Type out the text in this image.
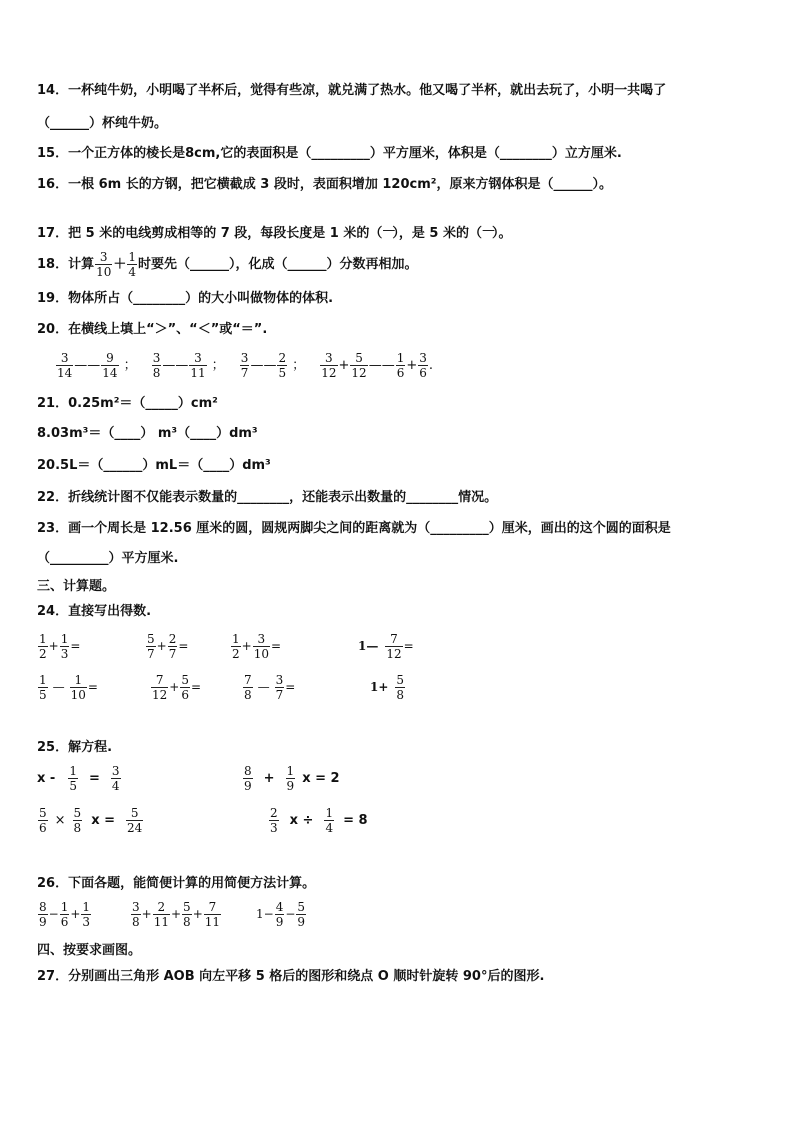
14．一杯纯牛奶，小明喝了半杯后，觉得有些凉，就兑满了热水。他又喝了半杯，就出去玩了，小明一共喝了
（______）杯纯牛奶。
15．一个正方体的棱长是8cm,它的表面积是（_________）平方厘米，体积是（________）立方厘米.
16．一根 6m 长的方钢，把它横截成 3 段时，表面积增加 120cm²，原来方钢体积是（______）。
17．把 5 米的电线剪成相等的 7 段，每段长度是 1 米的（ —
），是 5 米的（ —
）。
18．计算 $\frac{3}{10} + \frac{1}{4}$ 时要先（______），化成（______）分数再相加。
19．物体所占（________）的大小叫做物体的体积.
20．在横线上填上“＞”、“＜”或“＝”.
$\frac{3}{14}$ —— $\frac{9}{14}$ ； $\frac{3}{8}$ —— $\frac{3}{11}$ ； $\frac{3}{7}$ —— $\frac{2}{5}$ ； $\frac{3}{12} + \frac{5}{12}$ —— $\frac{1}{6} + \frac{3}{6}$ .
21．0.25m²＝（_____）cm²
8.03m³＝（____） m³（____）dm³
20.5L＝（______）mL＝（____）dm³
22．折线统计图不仅能表示数量的________，还能表示出数量的________情况。
23．画一个周长是 12.56 厘米的圆，圆规两脚尖之间的距离就为（_________）厘米，画出的这个圆的面积是
（_________）平方厘米.
三、计算题。
24．直接写出得数.
$\frac{1}{2} + \frac{1}{3}$ =	$\frac{5}{7} + \frac{2}{7}$ =	$\frac{1}{2} + \frac{3}{10}$ =	1— $\frac{7}{12}$ =
$\frac{1}{5}$ — $\frac{1}{10}$ =	$\frac{7}{12} + \frac{5}{6}$ =	$\frac{7}{8}$ — $\frac{3}{7}$ =	$1+ \frac{5}{8}$
25．解方程.
$x - \frac{1}{5} = \frac{3}{4}$	$\frac{8}{9} + \frac{1}{9}$ x = 2
$\frac{5}{6} \times \frac{5}{8}$ $x = \frac{5}{24}$	$\frac{2}{3}$ $x \div \frac{1}{4} = 8$
26．下面各题，能简便计算的用简便方法计算。
$\frac{8}{9} - \frac{1}{6} + \frac{1}{3}$	$\frac{3}{8} + \frac{2}{11} + \frac{5}{8} + \frac{7}{11}$	$1- \frac{4}{9} - \frac{5}{9}$
四、按要求画图。
27．分别画出三角形 AOB 向左平移 5 格后的图形和绕点 O 顺时针旋转 90°后的图形.
